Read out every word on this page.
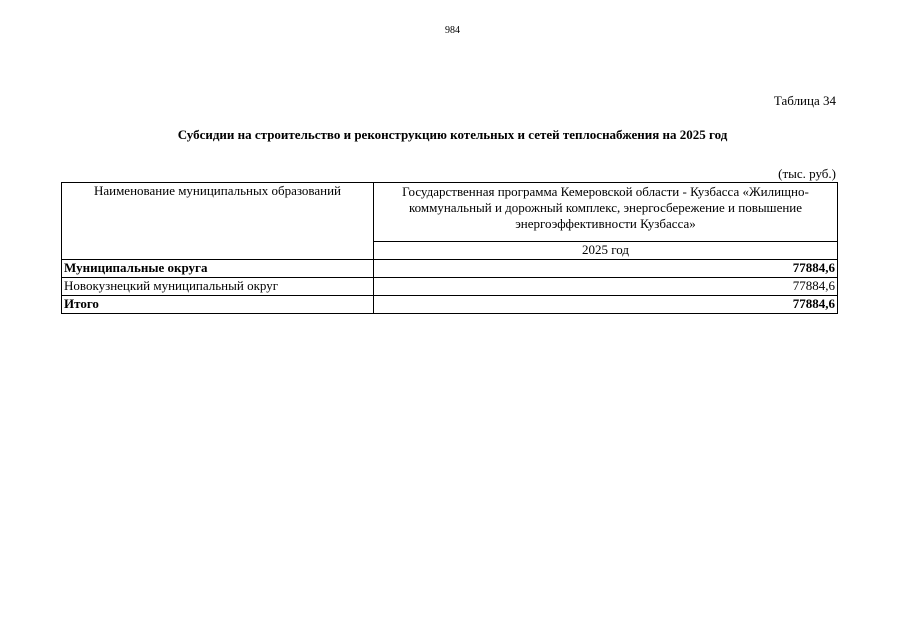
984
Таблица 34
Субсидии на строительство и реконструкцию котельных и сетей теплоснабжения на 2025 год
(тыс. руб.)
Наименование муниципальных образований	Государственная программа Кемеровской области - Кузбасса «Жилищно-коммунальный и дорожный комплекс, энергосбережение и повышение энергоэффективности Кузбасса»
	2025 год
Муниципальные округа	77884,6
Новокузнецкий муниципальный округ	77884,6
Итого	77884,6
